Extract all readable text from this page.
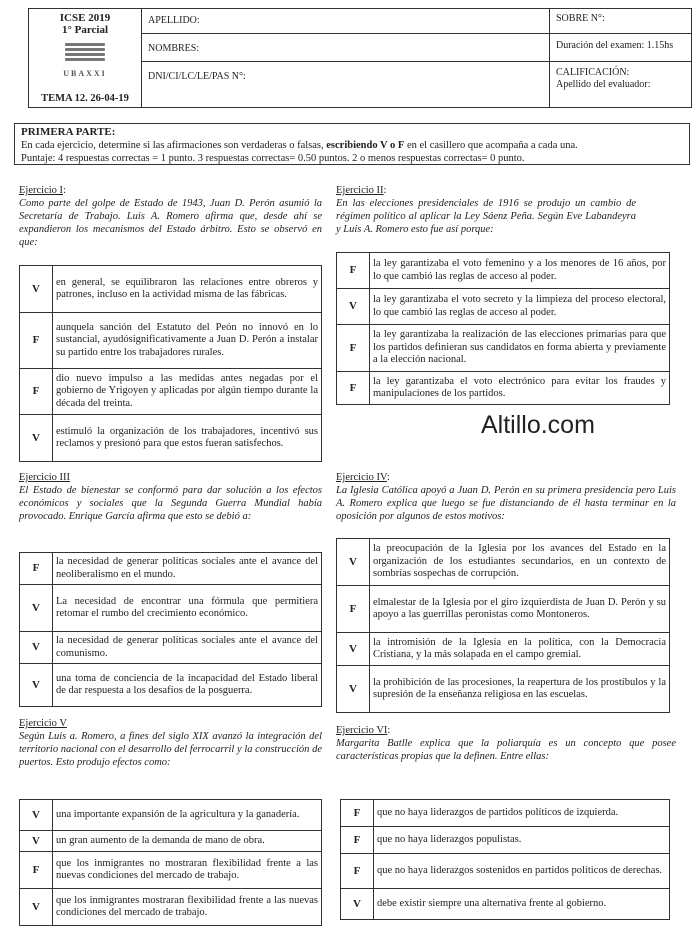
ICSE 2019
1° Parcial
UBAXXI
TEMA 12. 26-04-19
APELLIDO:
NOMBRES:
DNI/CI/LC/LE/PAS N°:
SOBRE N°:
Duración del examen: 1.15hs
CALIFICACIÓN:
Apellido del evaluador:
PRIMERA PARTE:
En cada ejercicio, determine si las afirmaciones son verdaderas o falsas, escribiendo V o F en el casillero que acompaña a cada una.
Puntaje: 4 respuestas correctas = 1 punto. 3 respuestas correctas= 0.50 puntos. 2 o menos respuestas correctas= 0 punto.
Ejercicio I:
Como parte del golpe de Estado de 1943, Juan D. Perón asumió la Secretaría de Trabajo. Luis A. Romero afirma que, desde ahí se expandieron los mecanismos del Estado árbitro. Esto se observó en que:
V	en general, se equilibraron las relaciones entre obreros y patrones, incluso en la actividad misma de las fábricas.
F	aunquela sanción del Estatuto del Peón no innovó en lo sustancial, ayudósignificativamente a Juan D. Perón a instalar su partido entre los trabajadores rurales.
F	dio nuevo impulso a las medidas antes negadas por el gobierno de Yrigoyen y aplicadas por algún tiempo durante la década del treinta.
V	estimuló la organización de los trabajadores, incentivó sus reclamos y presionó para que estos fueran satisfechos.
Ejercicio II:
En las elecciones presidenciales de 1916 se produjo un cambio de régimen político al aplicar la Ley Sáenz Peña. Según Eve Labandeyra y Luis A. Romero esto fue así porque:
F	la ley garantizaba el voto femenino y a los menores de 16 años, por lo que cambió las reglas de acceso al poder.
V	la ley garantizaba el voto secreto y la limpieza del proceso electoral, lo que cambió las reglas de acceso al poder.
F	la ley garantizaba la realización de las elecciones primarias para que los partidos definieran sus candidatos en forma abierta y previamente a la elección nacional.
F	la ley garantizaba el voto electrónico para evitar los fraudes y manipulaciones de los partidos.
Altillo.com
Ejercicio III
El Estado de bienestar se conformó para dar solución a los efectos económicos y sociales que la Segunda Guerra Mundial había provocado. Enrique García afirma que esto se debió a:
F	la necesidad de generar políticas sociales ante el avance del neoliberalismo en el mundo.
V	La necesidad de encontrar una fórmula que permitiera retomar el rumbo del crecimiento económico.
V	la necesidad de generar políticas sociales ante el avance del comunismo.
V	una toma de conciencia de la incapacidad del Estado liberal de dar respuesta a los desafíos de la posguerra.
Ejercicio IV:
La Iglesia Católica apoyó a Juan D. Perón en su primera presidencia pero Luis A. Romero explica que luego se fue distanciando de él hasta terminar en la oposición por algunos de estos motivos:
V	la preocupación de la Iglesia por los avances del Estado en la organización de los estudiantes secundarios, en un contexto de sombrías sospechas de corrupción.
F	elmalestar de la Iglesia por el giro izquierdista de Juan D. Perón y su apoyo a las guerrillas peronistas como Montoneros.
V	la intromisión de la Iglesia en la política, con la Democracia Cristiana, y la más solapada en el campo gremial.
V	la prohibición de las procesiones, la reapertura de los prostíbulos y la supresión de la enseñanza religiosa en las escuelas.
Ejercicio V
Según Luis a. Romero, a fines del siglo XIX avanzó la integración del territorio nacional con el desarrollo del ferrocarril y la construcción de puertos. Esto produjo efectos como:
V	una importante expansión de la agricultura y la ganadería.
V	un gran aumento de la demanda de mano de obra.
F	que los inmigrantes no mostraran flexibilidad frente a las nuevas condiciones del mercado de trabajo.
V	que los inmigrantes mostraran flexibilidad frente a las nuevas condiciones del mercado de trabajo.
Ejercicio VI:
Margarita Batlle explica que la poliarquía es un concepto que posee características propias que la definen. Entre ellas:
F	que no haya liderazgos de partidos políticos de izquierda.
F	que no haya liderazgos populistas.
F	que no haya liderazgos sostenidos en partidos políticos de derechas.
V	debe existir siempre una alternativa frente al gobierno.
